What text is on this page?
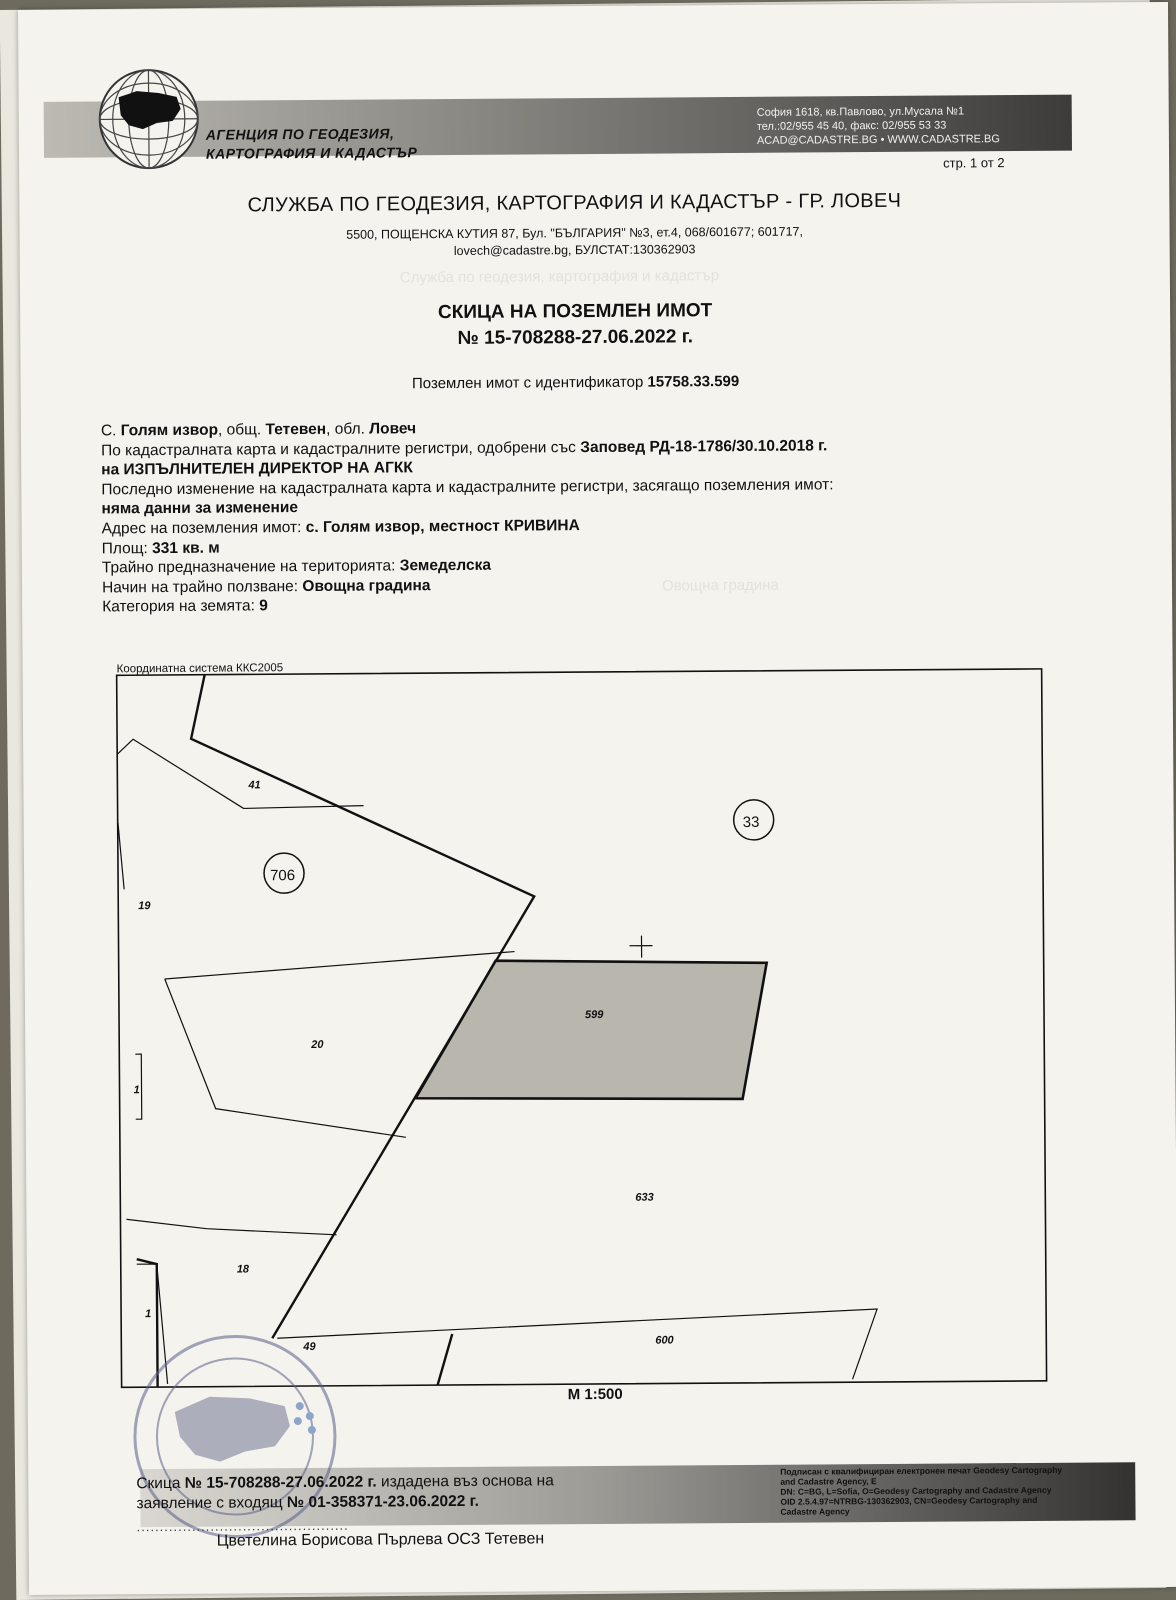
Служба по геодезия, картография и кадастър
Овощна градина
АГЕНЦИЯ ПО ГЕОДЕЗИЯ,
КАРТОГРАФИЯ И КАДАСТЪР
София 1618, кв.Павлово, ул.Мусала №1
тел.:02/955 45 40, факс: 02/955 53 33
ACAD@CADASTRE.BG • WWW.CADASTRE.BG
стр. 1 от 2
СЛУЖБА ПО ГЕОДЕЗИЯ, КАРТОГРАФИЯ И КАДАСТЪР - ГР. ЛОВЕЧ
5500, ПОЩЕНСКА КУТИЯ 87, Бул. "БЪЛГАРИЯ" №3, ет.4, 068/601677; 601717,
lovech@cadastre.bg, БУЛСТАТ:130362903
СКИЦА НА ПОЗЕМЛЕН ИМОТ
№ 15-708288-27.06.2022 г.
Поземлен имот с идентификатор 15758.33.599
С. Голям извор, общ. Тетевен, обл. Ловеч
По кадастралната карта и кадастралните регистри, одобрени със Заповед РД-18-1786/30.10.2018 г.
на ИЗПЪЛНИТЕЛЕН ДИРЕКТОР НА АГКК
Последно изменение на кадастралната карта и кадастралните регистри, засягащо поземления имот:
няма данни за изменение
Адрес на поземления имот: с. Голям извор, местност КРИВИНА
Площ: 331 кв. м
Трайно предназначение на територията: Земеделска
Начин на трайно ползване: Овощна градина
Категория на земята: 9
Координатна система ККС2005
41
706
33
19
599
20
1
633
18
1
49
600
М 1:500
Скица № 15-708288-27.06.2022 г. издадена въз основа на
заявление с входящ № 01-358371-23.06.2022 г.
..............................................
Цветелина Борисова Пърлева ОСЗ Тетевен
Подписан с квалифициран електронен печат Geodesy Cartography
and Cadastre Agency, E
DN: C=BG, L=Sofia, O=Geodesy Cartography and Cadastre Agency
OID 2.5.4.97=NTRBG-130362903, CN=Geodesy Cartography and
Cadastre Agency
